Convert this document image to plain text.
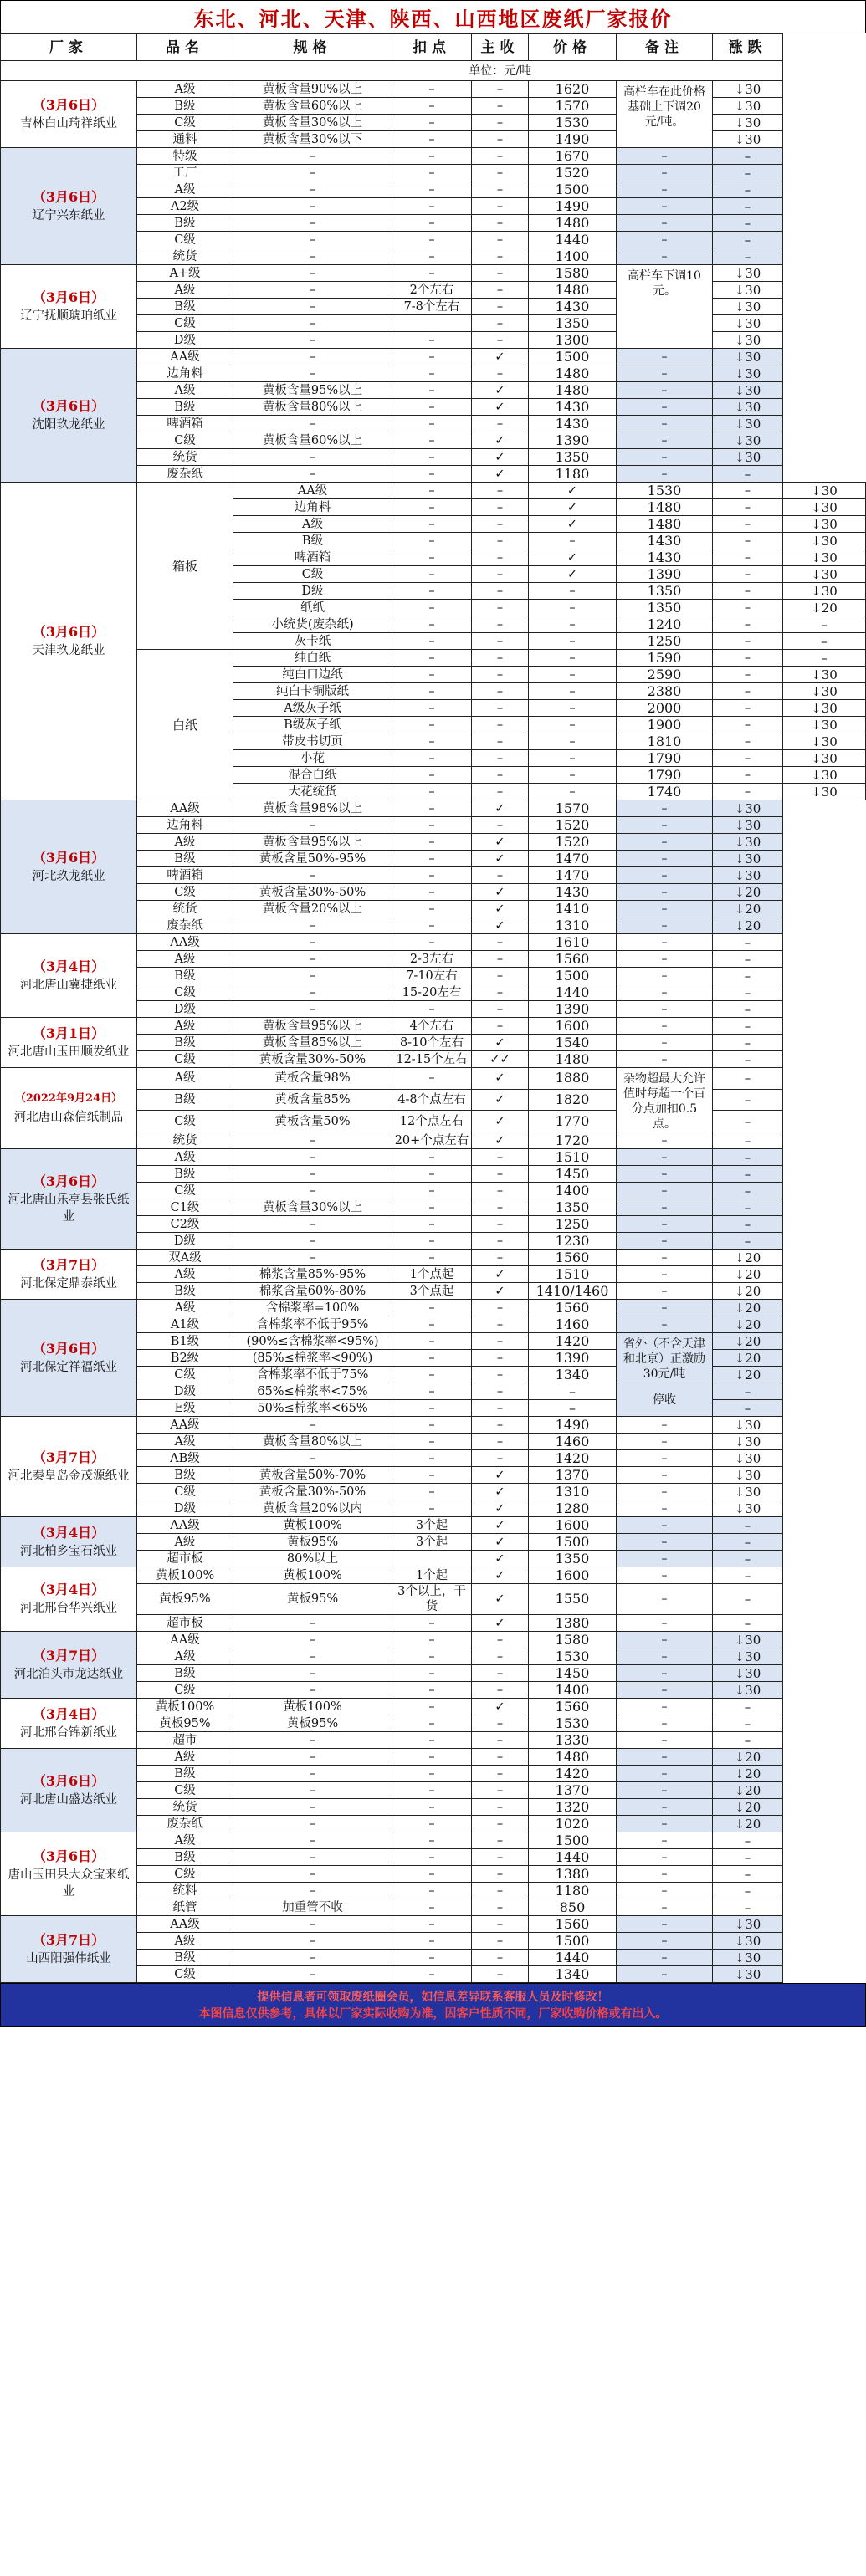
东北、河北、天津、陕西、山西地区废纸厂家报价
厂家	品名	规格	扣点	主收	价格	备注	涨跌	
单位：元/吨								

（3月6日）
吉林白山琦祥纸业	A级	黄板含量90%以上	–	–	1620	高栏车在此价格基础上下调20元/吨。	↓30	
	B级	黄板含量60%以上	–	–	1570		↓30	
	C级	黄板含量30%以上	–	–	1530		↓30	
	通料	黄板含量30%以下	–	–	1490		↓30	

（3月6日）
辽宁兴东纸业	特级	–	–	–	1670	–	–	
	工厂	–	–	–	1520	–	–	
	A级	–	–	–	1500	–	–	
	A2级	–	–	–	1490	–	–	
	B级	–	–	–	1480	–	–	
	C级	–	–	–	1440	–	–	
	统货	–	–	–	1400	–	–	

（3月6日）
辽宁抚顺琥珀纸业	A+级	–	–	–	1580	高栏车下调10元。	↓30	
	A级	–	2个左右	–	1480		↓30	
	B级	–	7-8个左右	–	1430		↓30	
	C级	–		–	1350		↓30	
	D级	–	–	–	1300		↓30	

（3月6日）
沈阳玖龙纸业	AA级	–	–	✓	1500	–	↓30	
	边角料	–	–	–	1480	–	↓30	
	A级	黄板含量95%以上	–	✓	1480	–	↓30	
	B级	黄板含量80%以上	–	✓	1430	–	↓30	
	啤酒箱	–	–	–	1430	–	↓30	
	C级	黄板含量60%以上	–	✓	1390	–	↓30	
	统货	–	–	✓	1350	–	↓30	
	废杂纸	–	–	✓	1180	–	–	

（3月6日）
天津玖龙纸业	箱板	AA级	–	–	✓	1530	–	↓30
		边角料	–	–	✓	1480	–	↓30
		A级	–	–	✓	1480	–	↓30
		B级	–	–	–	1430	–	↓30
		啤酒箱	–	–	✓	1430	–	↓30
		C级	–	–	✓	1390	–	↓30
		D级	–	–	–	1350	–	↓30
		纸纸	–	–	–	1350	–	↓20
		小统货(废杂纸)	–	–	–	1240	–	–
		灰卡纸	–	–	–	1250	–	–
	白纸	纯白纸	–	–	–	1590	–	–
		纯白口边纸	–	–	–	2590	–	↓30
		纯白卡铜版纸	–	–	–	2380	–	↓30
		A级灰子纸	–	–	–	2000	–	↓30
		B级灰子纸	–	–	–	1900	–	↓30
		带皮书切页	–	–	–	1810	–	↓30
		小花	–	–	–	1790	–	↓30
		混合白纸	–	–	–	1790	–	↓30
		大花统货	–	–	–	1740	–	↓30

（3月6日）
河北玖龙纸业	AA级	黄板含量98%以上	–	✓	1570	–	↓30	
	边角料	–	–	–	1520	–	↓30	
	A级	黄板含量95%以上	–	✓	1520	–	↓30	
	B级	黄板含量50%-95%	–	✓	1470	–	↓30	
	啤酒箱	–	–	–	1470	–	↓30	
	C级	黄板含量30%-50%	–	✓	1430	–	↓20	
	统货	黄板含量20%以上	–	✓	1410	–	↓20	
	废杂纸	–	–	✓	1310	–	↓20	

（3月4日）
河北唐山冀捷纸业	AA级	–	–	–	1610	–	–	
	A级	–	2-3左右	–	1560	–	–	
	B级	–	7-10左右	–	1500	–	–	
	C级	–	15-20左右	–	1440	–	–	
	D级	–	–	–	1390	–	–	

（3月1日）
河北唐山玉田顺发纸业	A级	黄板含量95%以上	4个左右	–	1600	–	–	
	B级	黄板含量85%以上	8-10个左右	✓	1540	–	–	
	C级	黄板含量30%-50%	12-15个左右	✓✓	1480	–	–	

（2022年9月24日）
河北唐山森信纸制品	A级	黄板含量98%	–	✓	1880	杂物超最大允许值时每超一个百分点加扣0.5点。	–	
	B级	黄板含量85%	4-8个点左右	✓	1820		–	
	C级	黄板含量50%	12个点左右	✓	1770		–	
	统货	–	20+个点左右	✓	1720	–	–	

（3月6日）
河北唐山乐亭县张氏纸业	A级	–	–	–	1510	–	–	
	B级	–	–	–	1450	–	–	
	C级	–	–	–	1400	–	–	
	C1级	黄板含量30%以上	–	–	1350	–	–	
	C2级	–	–	–	1250	–	–	
	D级	–	–	–	1230	–	–	

（3月7日）
河北保定鼎泰纸业	双A级	–	–	–	1560	–	↓20	
	A级	棉浆含量85%-95%	1个点起	✓	1510	–	↓20	
	B级	棉浆含量60%-80%	3个点起	✓	1410/1460	–	↓20	

（3月6日）
河北保定祥福纸业	A级	含棉浆率=100%	–	–	1560	–	↓20	
	A1级	含棉浆率不低于95%	–	–	1460	–	↓20	
	B1级	(90%≤含棉浆率<95%)	–	–	1420	省外（不含天津和北京）正激励30元/吨	↓20	
	B2级	(85%≤棉浆率<90%)	–	–	1390		↓20	
	C级	含棉浆率不低于75%	–	–	1340		↓20	
	D级	65%≤棉浆率<75%	–	–	–	停收	–	
	E级	50%≤棉浆率<65%	–	–	–		–	

（3月7日）
河北秦皇岛金茂源纸业	AA级	–	–	–	1490	–	↓30	
	A级	黄板含量80%以上	–	–	1460	–	↓30	
	AB级	–	–	–	1420	–	↓30	
	B级	黄板含量50%-70%	–	✓	1370	–	↓30	
	C级	黄板含量30%-50%	–	✓	1310	–	↓30	
	D级	黄板含量20%以内	–	✓	1280	–	↓30	

（3月4日）
河北柏乡宝石纸业	AA级	黄板100%	3个起	✓	1600	–	–	
	A级	黄板95%	3个起	✓	1500	–	–	
	超市板	80%以上		✓	1350	–	–	

（3月4日）
河北邢台华兴纸业	黄板100%	黄板100%	1个起	✓	1600	–	–	
	黄板95%	黄板95%	3个以上，干货	✓	1550	–	–	
	超市板	–	–	✓	1380	–	–	

（3月7日）
河北泊头市龙达纸业	AA级	–	–	–	1580	–	↓30	
	A级	–	–	–	1530	–	↓30	
	B级	–	–	–	1450	–	↓30	
	C级	–	–	–	1400	–	↓30	

（3月4日）
河北邢台锦新纸业	黄板100%	黄板100%	–	✓	1560	–	–	
	黄板95%	黄板95%	–	–	1530	–	–	
	超市	–	–	–	1330	–	–	

（3月6日）
河北唐山盛达纸业	A级	–	–	–	1480	–	↓20	
	B级	–	–	–	1420	–	↓20	
	C级	–	–	–	1370	–	↓20	
	统货	–	–	–	1320	–	↓20	
	废杂纸	–	–	–	1020	–	↓20	

（3月6日）
唐山玉田县大众宝来纸业	A级	–	–	–	1500	–	–	
	B级	–	–	–	1440	–	–	
	C级	–	–	–	1380	–	–	
	统料	–	–	–	1180	–	–	
	纸管	加重管不收	–	–	850	–	–	

（3月7日）
山西阳强伟纸业	AA级	–	–	–	1560	–	↓30	
	A级	–	–	–	1500	–	↓30	
	B级	–	–	–	1440	–	↓30	
	C级	–	–	–	1340	–	↓30	
提供信息者可领取废纸圈会员，如信息差异联系客服人员及时修改！
本图信息仅供参考，具体以厂家实际收购为准，因客户性质不同，厂家收购价格或有出入。
